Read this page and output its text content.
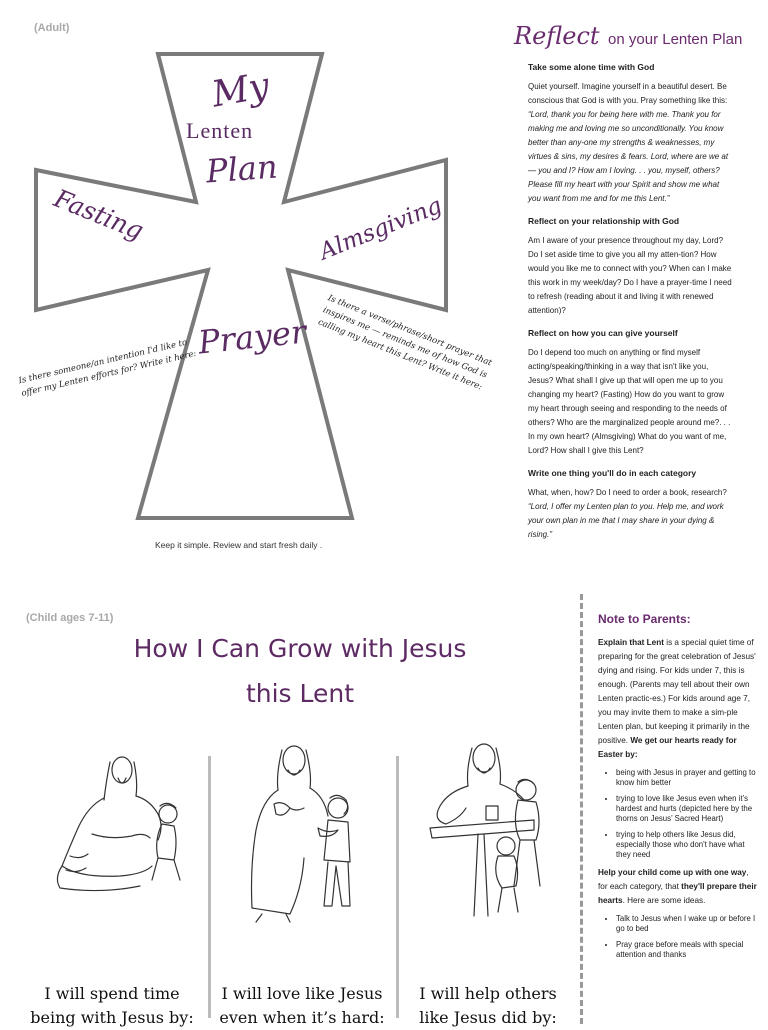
(Adult)
My
Lenten
Plan
Fasting	Almsgiving
Prayer
Is there someone/an intention I'd like to offer my Lenten efforts for? Write it here:
Is there a verse/phrase/short prayer that inspires me — reminds me of how God is calling my heart this Lent? Write it here:
Keep it simple. Review and start fresh daily .
Reflect on your Lenten Plan
Take some alone time with God

Quiet yourself. Imagine yourself in a beautiful desert. Be conscious that God is with you. Pray something like this: “Lord, thank you for being here with me. Thank you for making me and loving me so unconditionally. You know better than any-one my strengths & weaknesses, my virtues & sins, my desires & fears. Lord, where are we at — you and I? How am I loving. . . you, myself, others? Please fill my heart with your Spirit and show me what you want from me and for me this Lent.”

Reflect on your relationship with God

Am I aware of your presence throughout my day, Lord? Do I set aside time to give you all my atten-tion? How would you like me to connect with you? When can I make this work in my week/day? Do I have a prayer-time I need to refresh (reading about it and living it with renewed attention)?

Reflect on how you can give yourself

Do I depend too much on anything or find myself acting/speaking/thinking in a way that isn't like you, Jesus? What shall I give up that will open me up to you changing my heart? (Fasting) How do you want to grow my heart through seeing and responding to the needs of others? Who are the marginalized people around me?. . . In my own heart? (Almsgiving) What do you want of me, Lord? How shall I give this Lent?

Write one thing you'll do in each category

What, when, how? Do I need to order a book, research? “Lord, I offer my Lenten plan to you. Help me, and work your own plan in me that I may share in your dying & rising.”

(Child ages 7-11)
How I Can Grow with Jesus
this Lent
I will spend time
being with Jesus by:
I will love like Jesus
even when it’s hard:
I will help others
like Jesus did by:
Note to Parents:

Explain that Lent is a special quiet time of preparing for the great celebration of Jesus' dying and rising. For kids under 7, this is enough. (Parents may tell about their own Lenten practic-es.) For kids around age 7, you may invite them to make a sim-ple Lenten plan, but keeping it primarily in the positive. We get our hearts ready for Easter by:

• being with Jesus in prayer and getting to know him better
• trying to love like Jesus even when it’s hardest and hurts (depicted here by the thorns on Jesus’ Sacred Heart)
• trying to help others like Jesus did, especially those who don't have what they need

Help your child come up with one way, for each category, that they'll prepare their hearts. Here are some ideas.

• Talk to Jesus when I wake up or before I go to bed
• Pray grace before meals with special attention and thanks
